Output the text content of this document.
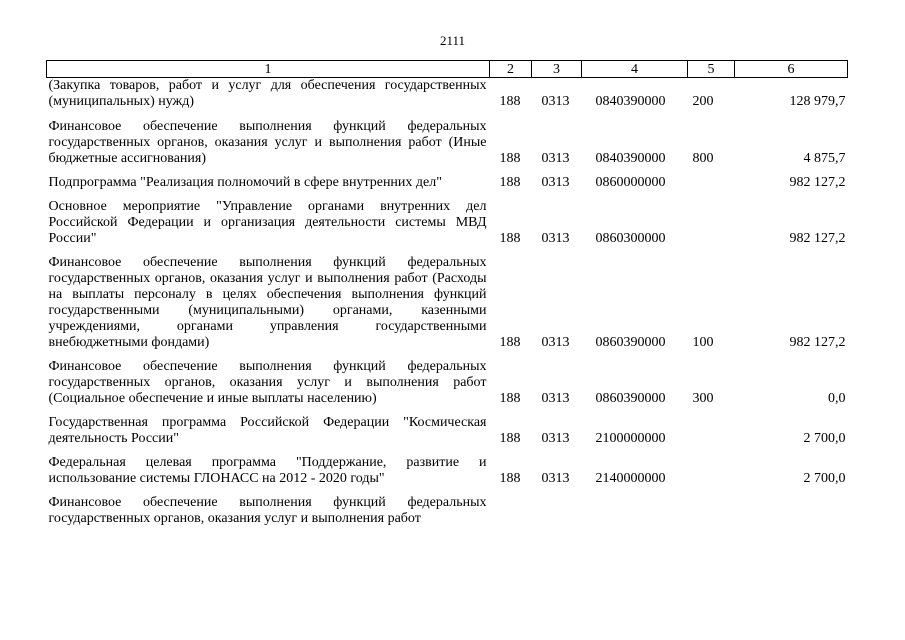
2111
1	2	3	4	5	6

(Закупка товаров, работ и услуг для обеспечения государственных (муниципальных) нужд)	188	0313	0840390000	200	128 979,7

Финансовое обеспечение выполнения функций федеральных государственных органов, оказания услуг и выполнения работ (Иные бюджетные ассигнования)	188	0313	0840390000	800	4 875,7

Подпрограмма "Реализация полномочий в сфере внутренних дел"	188	0313	0860000000		982 127,2

Основное мероприятие "Управление органами внутренних дел Российской Федерации и организация деятельности системы МВД России"	188	0313	0860300000		982 127,2

Финансовое обеспечение выполнения функций федеральных государственных органов, оказания услуг и выполнения работ (Расходы на выплаты персоналу в целях обеспечения выполнения функций государственными (муниципальными) органами, казенными учреждениями, органами управления государственными внебюджетными фондами)	188	0313	0860390000	100	982 127,2

Финансовое обеспечение выполнения функций федеральных государственных органов, оказания услуг и выполнения работ (Социальное обеспечение и иные выплаты населению)	188	0313	0860390000	300	0,0

Государственная программа Российской Федерации "Космическая деятельность России"	188	0313	2100000000		2 700,0

Федеральная целевая программа "Поддержание, развитие и использование системы ГЛОНАСС на 2012 - 2020 годы"	188	0313	2140000000		2 700,0

Финансовое обеспечение выполнения функций федеральных государственных органов, оказания услуг и выполнения работ					
